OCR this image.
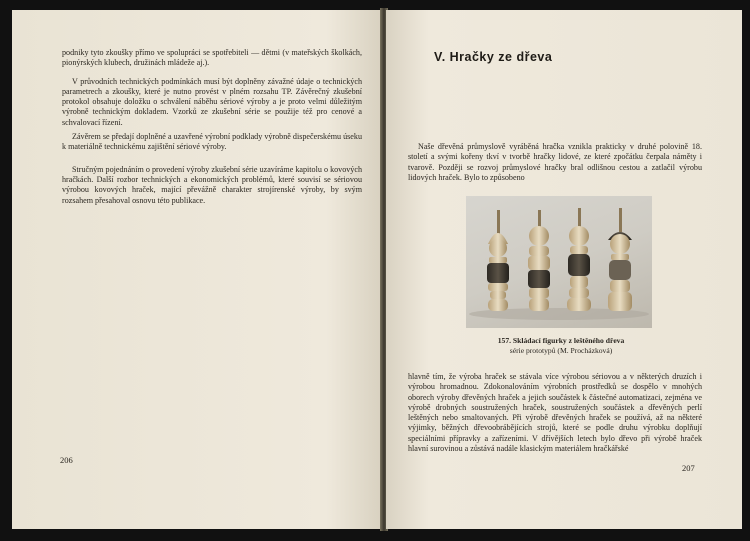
podniky tyto zkoušky přímo ve spolupráci se spotřebiteli — dětmi (v mateřských školkách, pionýrských klubech, družinách mládeže aj.).

V průvodních technických podmínkách musí být doplněny závažné údaje o technických parametrech a zkoušky, které je nutno provést v plném rozsahu TP. Závěrečný zkušební protokol obsahuje doložku o schválení náběhu sériové výroby a je proto velmi důležitým výrobně technickým dokladem. Vzorků ze zkušební série se použije též pro cenové a schvalovací řízení.

Závěrem se předají doplněné a uzavřené výrobní podklady výrobně dispečerskému úseku k materiálně technickému zajištění sériové výroby.

Stručným pojednáním o provedení výroby zkušební série uzavíráme kapitolu o kovových hračkách. Další rozbor technických a ekonomických problémů, které souvisí se sériovou výrobou kovových hraček, mající převážně charakter strojírenské výroby, by svým rozsahem přesahoval osnovu této publikace.

206
V. Hračky ze dřeva

Naše dřevěná průmyslově vyráběná hračka vznikla prakticky v druhé polovině 18. století a svými kořeny tkví v tvorbě hračky lidové, ze které zpočátku čerpala náměty i tvarově. Později se rozvoj průmyslové hračky bral odlišnou cestou a zatlačil výrobu lidových hraček. Bylo to způsobeno

157. Skládací figurky z leštěného dřeva
série prototypů (M. Procházková)

hlavně tím, že výroba hraček se stávala více výrobou sériovou a v některých druzích i výrobou hromadnou. Zdokonalováním výrobních prostředků se dospělo v mnohých oborech výroby dřevěných hraček a jejich součástek k částečné automatizaci, zejména ve výrobě drobných soustružených hraček, soustružených součástek a dřevěných perlí leštěných nebo smaltovaných. Při výrobě dřevěných hraček se používá, až na některé výjimky, běžných dřevoobrábějících strojů, které se podle druhu výrobku doplňují speciálními přípravky a zařízeními. V dřívějších letech bylo dřevo při výrobě hraček hlavní surovinou a zůstává nadále klasickým materiálem hračkářské

207
